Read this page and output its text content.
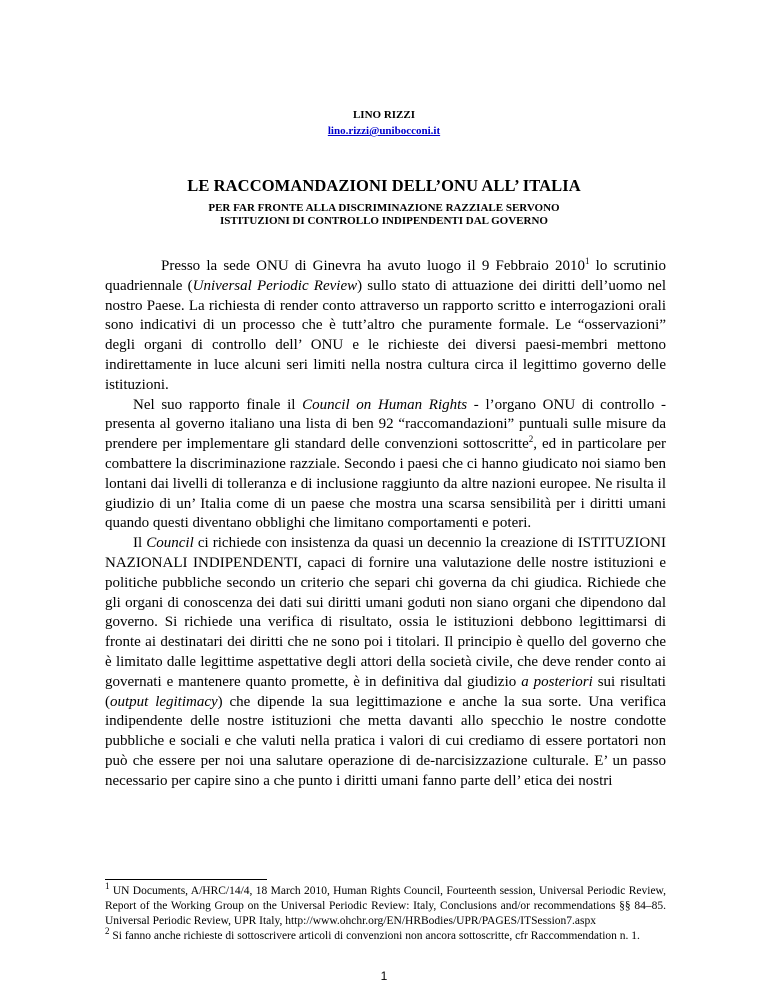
LINO RIZZI
lino.rizzi@unibocconi.it
LE RACCOMANDAZIONI DELL’ONU ALL’ ITALIA
PER FAR FRONTE ALLA DISCRIMINAZIONE RAZZIALE SERVONO
ISTITUZIONI DI CONTROLLO INDIPENDENTI DAL GOVERNO

Presso la sede ONU di Ginevra ha avuto luogo il 9 Febbraio 2010$^1$ lo scrutinio quadriennale (Universal Periodic Review) sullo stato di attuazione dei diritti dell’uomo nel nostro Paese. La richiesta di render conto attraverso un rapporto scritto e interrogazioni orali sono indicativi di un processo che è tutt’altro che puramente formale. Le “osservazioni” degli organi di controllo dell’ ONU e le richieste dei diversi paesi-membri mettono indirettamente in luce alcuni seri limiti nella nostra cultura circa il legittimo governo delle istituzioni.

Nel suo rapporto finale il Council on Human Rights - l’organo ONU di controllo - presenta al governo italiano una lista di ben 92 “raccomandazioni” puntuali sulle misure da prendere per implementare gli standard delle convenzioni sottoscritte$^2$, ed in particolare per combattere la discriminazione razziale. Secondo i paesi che ci hanno giudicato noi siamo ben lontani dai livelli di tolleranza e di inclusione raggiunto da altre nazioni europee. Ne risulta il giudizio di un’ Italia come di un paese che mostra una scarsa sensibilità per i diritti umani quando questi diventano obblighi che limitano comportamenti e poteri.

Il Council ci richiede con insistenza da quasi un decennio la creazione di ISTITUZIONI NAZIONALI INDIPENDENTI, capaci di fornire una valutazione delle nostre istituzioni e politiche pubbliche secondo un criterio che separi chi governa da chi giudica. Richiede che gli organi di conoscenza dei dati sui diritti umani goduti non siano organi che dipendono dal governo. Si richiede una verifica di risultato, ossia le istituzioni debbono legittimarsi di fronte ai destinatari dei diritti che ne sono poi i titolari. Il principio è quello del governo che è limitato dalle legittime aspettative degli attori della società civile, che deve render conto ai governati e mantenere quanto promette, è in definitiva dal giudizio a posteriori sui risultati (output legitimacy) che dipende la sua legittimazione e anche la sua sorte. Una verifica indipendente delle nostre istituzioni che metta davanti allo specchio le nostre condotte pubbliche e sociali e che valuti nella pratica i valori di cui crediamo di essere portatori non può che essere per noi una salutare operazione di de-narcisizzazione culturale. E’ un passo necessario per capire sino a che punto i diritti umani fanno parte dell’ etica dei nostri

$^1$ UN Documents, A/HRC/14/4, 18 March 2010, Human Rights Council, Fourteenth session, Universal Periodic Review, Report of the Working Group on the Universal Periodic Review: Italy, Conclusions and/or recommendations §§ 84–85. Universal Periodic Review, UPR Italy, http://www.ohchr.org/EN/HRBodies/UPR/PAGES/ITSession7.aspx

$^2$ Si fanno anche richieste di sottoscrivere articoli di convenzioni non ancora sottoscritte, cfr Raccommendation n. 1.

1
